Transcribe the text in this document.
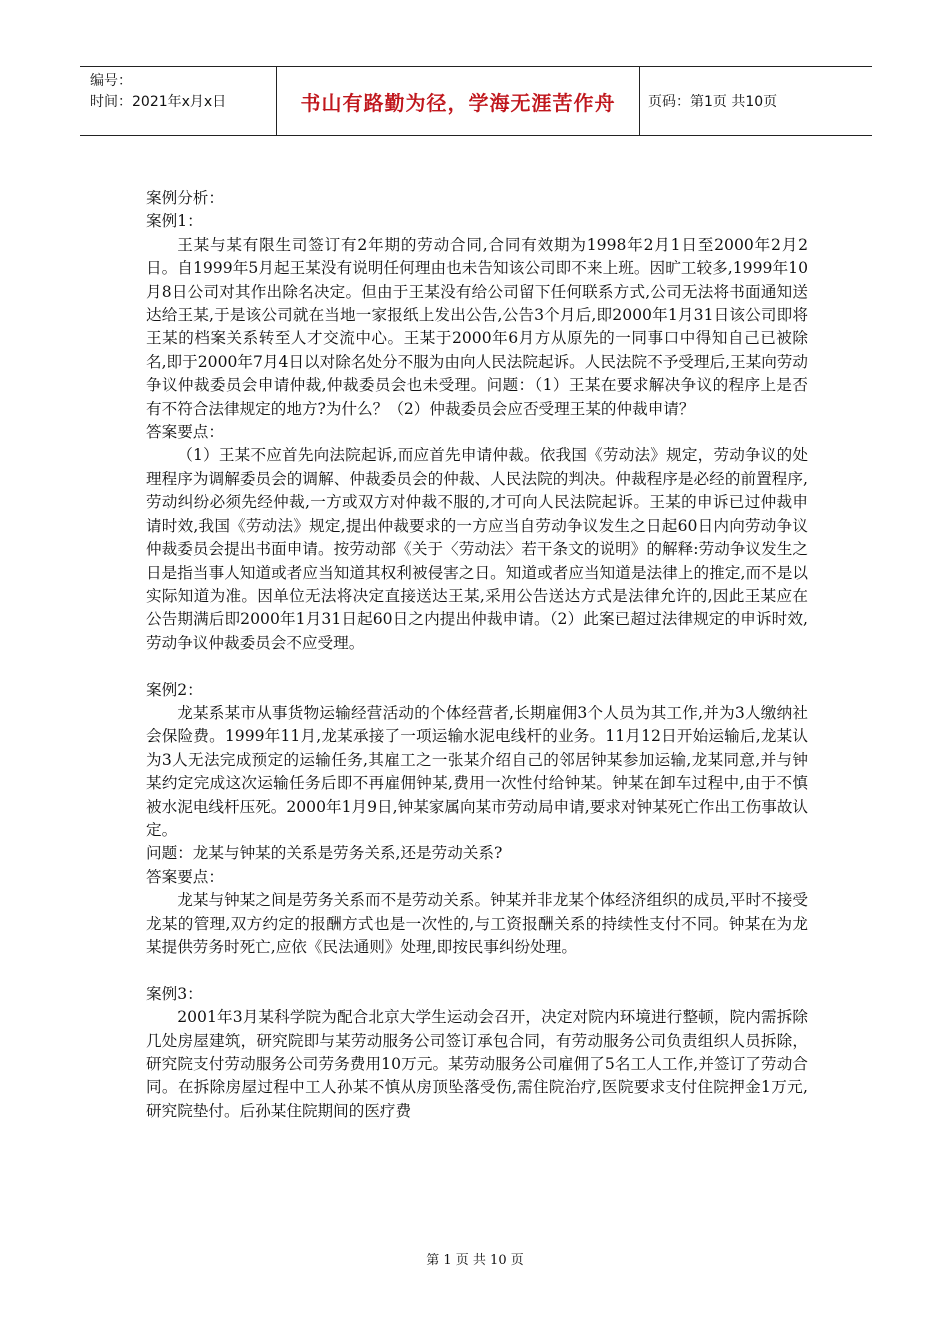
编号：
时间：2021年x月x日	书山有路勤为径，学海无涯苦作舟	页码：第1页 共10页

案例分析：

案例1：

王某与某有限生司签订有2年期的劳动合同,合同有效期为1998年2月1日至2000年2月2日。自1999年5月起王某没有说明任何理由也未告知该公司即不来上班。因旷工较多,1999年10月8日公司对其作出除名决定。但由于王某没有给公司留下任何联系方式,公司无法将书面通知送达给王某,于是该公司就在当地一家报纸上发出公告,公告3个月后,即2000年1月31日该公司即将王某的档案关系转至人才交流中心。王某于2000年6月方从原先的一同事口中得知自己已被除名,即于2000年7月4日以对除名处分不服为由向人民法院起诉。人民法院不予受理后,王某向劳动争议仲裁委员会申请仲裁,仲裁委员会也未受理。问题：（1）王某在要求解决争议的程序上是否有不符合法律规定的地方?为什么？（2）仲裁委员会应否受理王某的仲裁申请？

答案要点：

（1）王某不应首先向法院起诉,而应首先申请仲裁。依我国《劳动法》规定，劳动争议的处理程序为调解委员会的调解、仲裁委员会的仲裁、人民法院的判决。仲裁程序是必经的前置程序,劳动纠纷必须先经仲裁,一方或双方对仲裁不服的,才可向人民法院起诉。王某的申诉已过仲裁申请时效,我国《劳动法》规定,提出仲裁要求的一方应当自劳动争议发生之日起60日内向劳动争议仲裁委员会提出书面申请。按劳动部《关于〈劳动法〉若干条文的说明》的解释:劳动争议发生之日是指当事人知道或者应当知道其权利被侵害之日。知道或者应当知道是法律上的推定,而不是以实际知道为准。因单位无法将决定直接送达王某,采用公告送达方式是法律允许的,因此王某应在公告期满后即2000年1月31日起60日之内提出仲裁申请。（2）此案已超过法律规定的申诉时效,劳动争议仲裁委员会不应受理。

案例2：

龙某系某市从事货物运输经营活动的个体经营者,长期雇佣3个人员为其工作,并为3人缴纳社会保险费。1999年11月,龙某承接了一项运输水泥电线杆的业务。11月12日开始运输后,龙某认为3人无法完成预定的运输任务,其雇工之一张某介绍自己的邻居钟某参加运输,龙某同意,并与钟某约定完成这次运输任务后即不再雇佣钟某,费用一次性付给钟某。钟某在卸车过程中,由于不慎被水泥电线杆压死。2000年1月9日,钟某家属向某市劳动局申请,要求对钟某死亡作出工伤事故认定。

问题：龙某与钟某的关系是劳务关系,还是劳动关系?

答案要点：

龙某与钟某之间是劳务关系而不是劳动关系。钟某并非龙某个体经济组织的成员,平时不接受龙某的管理,双方约定的报酬方式也是一次性的,与工资报酬关系的持续性支付不同。钟某在为龙某提供劳务时死亡,应依《民法通则》处理,即按民事纠纷处理。

案例3：

2001年3月某科学院为配合北京大学生运动会召开，决定对院内环境进行整顿，院内需拆除几处房屋建筑，研究院即与某劳动服务公司签订承包合同，有劳动服务公司负责组织人员拆除，研究院支付劳动服务公司劳务费用10万元。某劳动服务公司雇佣了5名工人工作,并签订了劳动合同。在拆除房屋过程中工人孙某不慎从房顶坠落受伤,需住院治疗,医院要求支付住院押金1万元,研究院垫付。后孙某住院期间的医疗费

第 1 页 共 10 页
